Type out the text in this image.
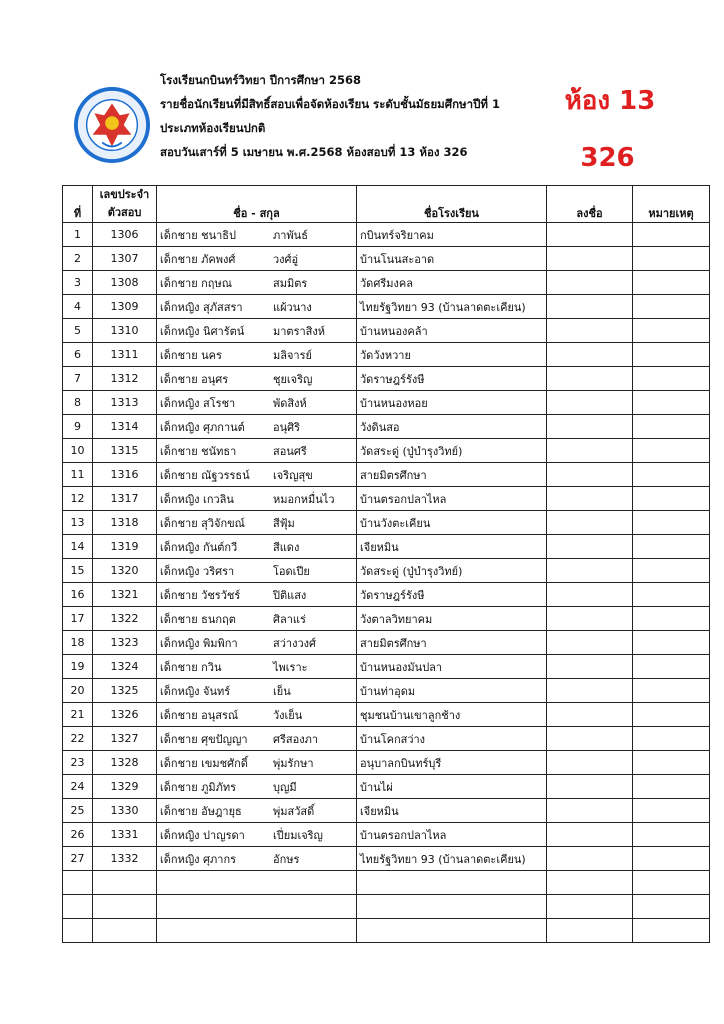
โรงเรียนกบินทร์วิทยา ปีการศึกษา 2568
รายชื่อนักเรียนที่มีสิทธิ์สอบเพื่อจัดห้องเรียน ระดับชั้นมัธยมศึกษาปีที่ 1
ประเภทห้องเรียนปกติ
สอบวันเสาร์ที่ 5 เมษายน พ.ศ.2568 ห้องสอบที่ 13 ห้อง 326
ห้อง 13
326
ที่	เลขประจำ
ตัวสอบ	ชื่อ - สกุล	ชื่อโรงเรียน	ลงชื่อ	หมายเหตุ
1	1306	เด็กชาย ชนาธิป ภาพันธ์	กบินทร์จริยาคม		
2	1307	เด็กชาย ภัคพงศ์ วงศ์อู่	บ้านโนนสะอาด		
3	1308	เด็กชาย กฤษณ สมมิตร	วัดศรีมงคล		
4	1309	เด็กหญิง สุภัสสรา แผ้วนาง	ไทยรัฐวิทยา 93 (บ้านลาดตะเคียน)		
5	1310	เด็กหญิง นิศารัตน์ มาตราสิงห์	บ้านหนองคล้า		
6	1311	เด็กชาย นคร มลิจารย์	วัดวังหวาย		
7	1312	เด็กชาย อนุศร ชุยเจริญ	วัดราษฎร์รังษี		
8	1313	เด็กหญิง สโรชา พัดสิงห์	บ้านหนองหอย		
9	1314	เด็กหญิง ศุภกานต์ อนุศิริ	วังดินสอ		
10	1315	เด็กชาย ชนัทธา สอนศรี	วัดสระดู่ (ปู่บำรุงวิทย์)		
11	1316	เด็กชาย ณัฐวรรธน์ เจริญสุข	สายมิตรศึกษา		
12	1317	เด็กหญิง เกวลิน หมอกหมื่นไว	บ้านตรอกปลาไหล		
13	1318	เด็กชาย สุวิจักขณ์ สีฟุ้ม	บ้านวังตะเคียน		
14	1319	เด็กหญิง กันต์กวี สีแดง	เจียหมิน		
15	1320	เด็กหญิง วริศรา โอดเปีย	วัดสระดู่ (ปู่บำรุงวิทย์)		
16	1321	เด็กชาย วัชรวัชร์ ปิติแสง	วัดราษฎร์รังษี		
17	1322	เด็กชาย ธนกฤต ศิลาแร่	วังตาลวิทยาคม		
18	1323	เด็กหญิง พิมพิกา สว่างวงศ์	สายมิตรศึกษา		
19	1324	เด็กชาย กวิน ไพเราะ	บ้านหนองมันปลา		
20	1325	เด็กหญิง จันทร์ เย็น	บ้านท่าอุดม		
21	1326	เด็กชาย อนุสรณ์ วังเย็น	ชุมชนบ้านเขาลูกช้าง		
22	1327	เด็กชาย ศุขปัญญา ศรีสองภา	บ้านโคกสว่าง		
23	1328	เด็กชาย เขมชศักดิ์ พุ่มรักษา	อนุบาลกบินทร์บุรี		
24	1329	เด็กชาย ภูมิภัทร บุญมี	บ้านไผ่		
25	1330	เด็กชาย อัษฎายุธ พุ่มสวัสดิ์	เจียหมิน		
26	1331	เด็กหญิง ปาญรดา เปี่ยมเจริญ	บ้านตรอกปลาไหล		
27	1332	เด็กหญิง ศุภากร อักษร	ไทยรัฐวิทยา 93 (บ้านลาดตะเคียน)		
